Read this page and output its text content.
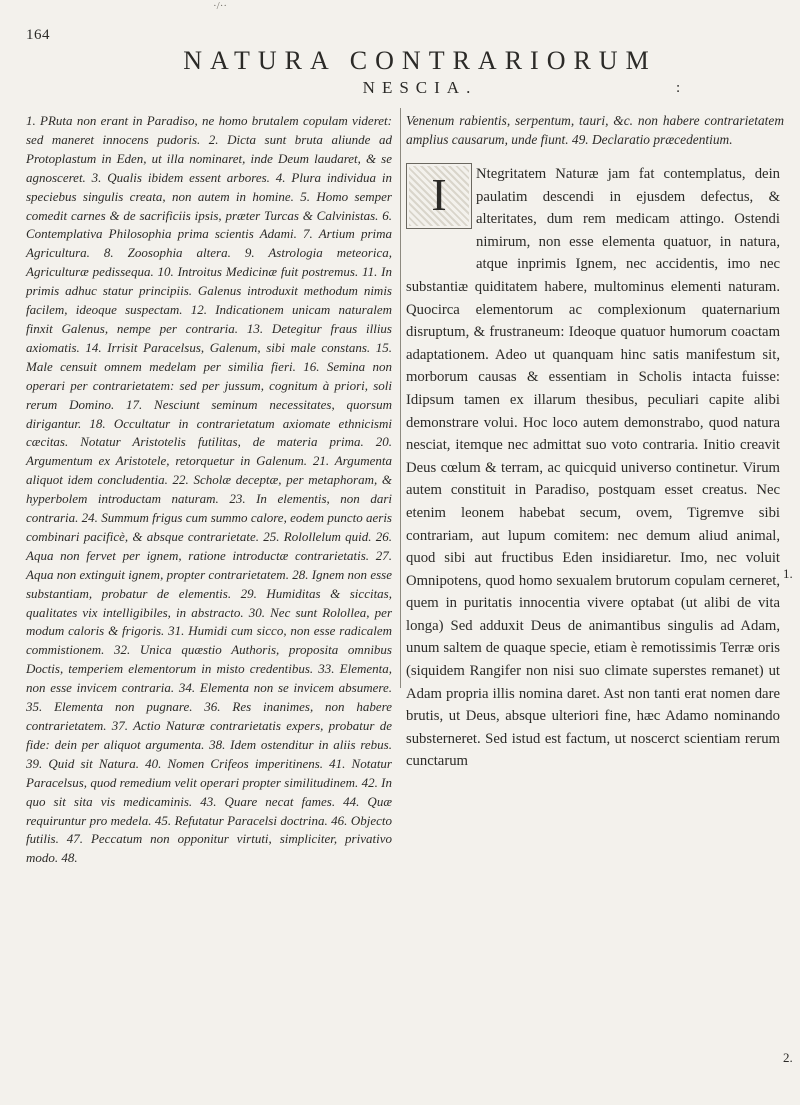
164
·/··
NATURA CONTRARIORUM
NESCIA.	:
1. PRuta non erant in Paradiso, ne homo brutalem copulam videret: sed maneret innocens pudoris. 2. Dicta sunt bruta aliunde ad Protoplastum in Eden, ut illa nominaret, inde Deum laudaret, & se agnosceret. 3. Qualis ibidem essent arbores. 4. Plura individua in speciebus singulis creata, non autem in homine. 5. Homo semper comedit carnes & de sacrificiis ipsis, præter Turcas & Calvinistas. 6. Contemplativa Philosophia prima scientis Adami. 7. Artium prima Agricultura. 8. Zoosophia altera. 9. Astrologia meteorica, Agriculturæ pedissequa. 10. Introitus Medicinæ fuit postremus. 11. In primis adhuc statur principiis. Galenus introduxit methodum nimis facilem, ideoque suspectam. 12. Indicationem unicam naturalem finxit Galenus, nempe per contraria. 13. Detegitur fraus illius axiomatis. 14. Irrisit Paracelsus, Galenum, sibi male constans. 15. Male censuit omnem medelam per similia fieri. 16. Semina non operari per contrarietatem: sed per jussum, cognitum à priori, soli rerum Domino. 17. Nesciunt seminum necessitates, quorsum dirigantur. 18. Occultatur in contrarietatum axiomate ethnicismi cæcitas. Notatur Aristotelis futilitas, de materia prima. 20. Argumentum ex Aristotele, retorquetur in Galenum. 21. Argumenta aliquot idem concludentia. 22. Scholæ deceptæ, per metaphoram, & hyperbolem introductam naturam. 23. In elementis, non dari contraria. 24. Summum frigus cum summo calore, eodem puncto aeris combinari pacificè, & absque contrarietate. 25. Rolollelum quid. 26. Aqua non fervet per ignem, ratione introductæ contrarietatis. 27. Aqua non extinguit ignem, propter contrarietatem. 28. Ignem non esse substantiam, probatur de elementis. 29. Humiditas & siccitas, qualitates vix intelligibiles, in abstracto. 30. Nec sunt Rolollea, per modum caloris & frigoris. 31. Humidi cum sicco, non esse radicalem commistionem. 32. Unica quæstio Authoris, proposita omnibus Doctis, temperiem elementorum in misto credentibus. 33. Elementa, non esse invicem contraria. 34. Elementa non se invicem absumere. 35. Elementa non pugnare. 36. Res inanimes, non habere contrarietatem. 37. Actio Naturæ contrarietatis expers, probatur de fide: dein per aliquot argumenta. 38. Idem ostenditur in aliis rebus. 39. Quid sit Natura. 40. Nomen Crifeos imperitinens. 41. Notatur Paracelsus, quod remedium velit operari propter similitudinem. 42. In quo sit sita vis medicaminis. 43. Quare necat fames. 44. Quæ requiruntur pro medela. 45. Refutatur Paracelsi doctrina. 46. Objecto futilis. 47. Peccatum non opponitur virtuti, simpliciter, privativo modo. 48.
Venenum rabientis, serpentum, tauri, &c. non habere contrarietatem amplius causarum, unde fiunt. 49. Declaratio præcedentium.
I	Ntegritatem Naturæ jam fat contemplatus, dein paulatim descendi in ejusdem defectus, & alteritates, dum rem medicam attingo. Ostendi nimirum, non esse elementa quatuor, in natura, atque inprimis Ignem, nec accidentis, imo nec substantiæ quiditatem habere, multominus elementi naturam. Quocirca elementorum ac complexionum quaternarium disruptum, & frustraneum: Ideoque quatuor humorum coactam adaptationem. Adeo ut quanquam hinc satis manifestum sit, morborum causas & essentiam in Scholis intacta fuisse: Idipsum tamen ex illarum thesibus, peculiari capite alibi demonstrare volui. Hoc loco autem demonstrabo, quod natura nesciat, itemque nec admittat suo voto contraria. Initio creavit Deus cœlum & terram, ac quicquid universo continetur. Virum autem constituit in Paradiso, postquam esset creatus. Nec etenim leonem habebat secum, ovem, Tigremve sibi contrariam, aut lupum comitem: nec demum aliud animal, quod sibi aut fructibus Eden insidiaretur. Imo, nec voluit Omnipotens, quod homo sexualem brutorum copulam cerneret, quem in puritatis innocentia vivere optabat (ut alibi de vita longa) Sed adduxit Deus de animantibus singulis ad Adam, unum saltem de quaque specie, etiam è remotissimis Terræ oris (siquidem Rangifer non nisi suo climate superstes remanet) ut Adam propria illis nomina daret. Ast non tanti erat nomen dare brutis, ut Deus, absque ulteriori fine, hæc Adamo nominando substerneret. Sed istud est factum, ut noscerct scientiam rerum cunctarum
1.
2.
